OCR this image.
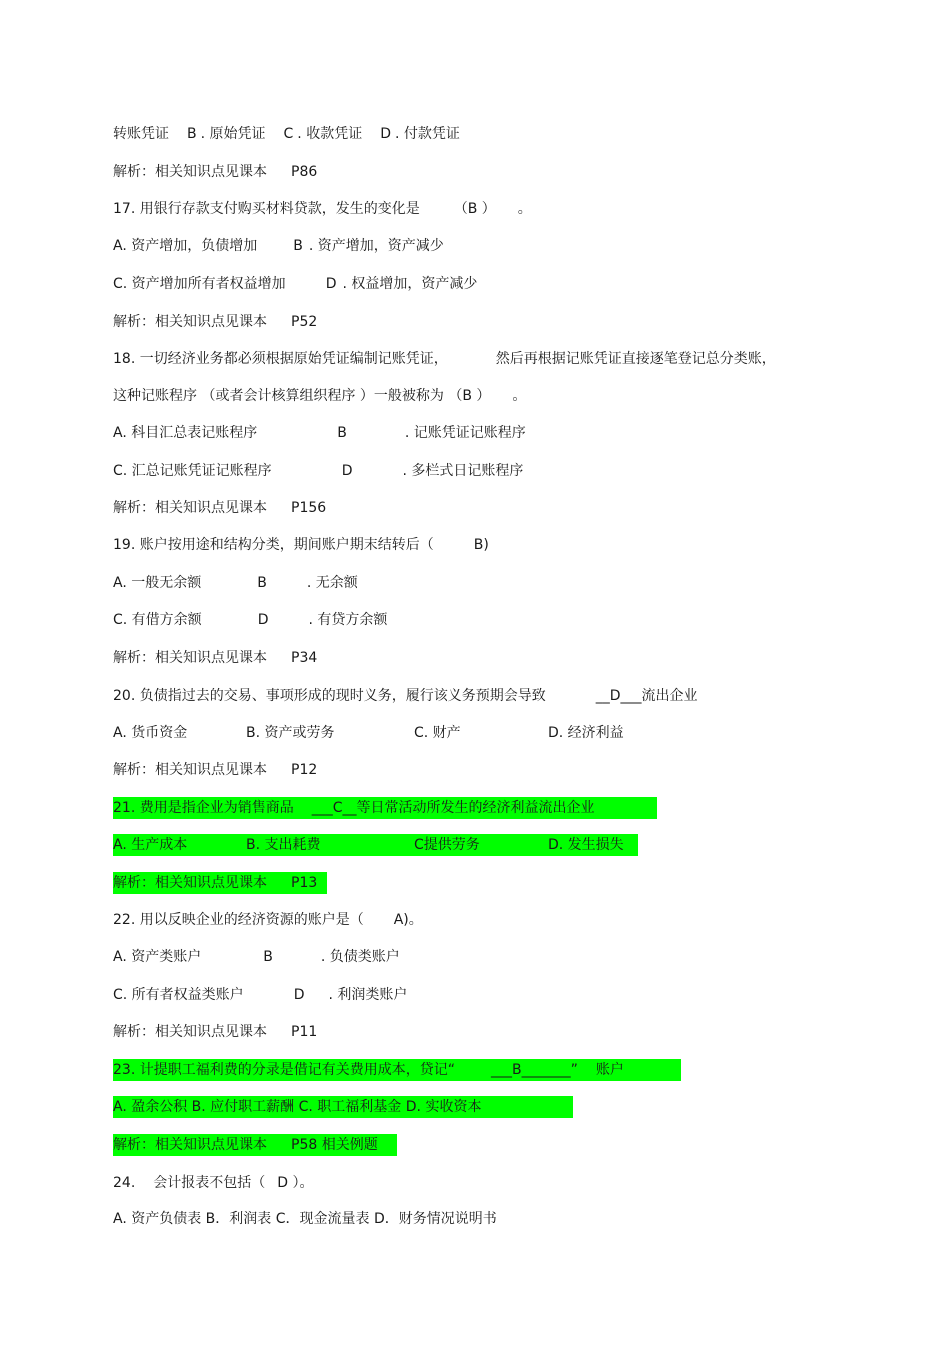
转账凭证 B . 原始凭证 C . 收款凭证 D . 付款凭证
解析：相关知识点见课本 P86
17. 用银行存款支付购买材料贷款，发生的变化是 （B ） 。
A. 资产增加，负债增加	B . 资产增加，资产减少
C. 资产增加所有者权益增加	D . 权益增加，资产减少
解析：相关知识点见课本 P52
18. 一切经济业务都必须根据原始凭证编制记账凭证，	然后再根据记账凭证直接逐笔登记总分类账，
这种记账程序 （或者会计核算组织程序 ）一般被称为 （B ） 。
A. 科目汇总表记账程序	B	. 记账凭证记账程序
C. 汇总记账凭证记账程序	D	. 多栏式日记账程序
解析：相关知识点见课本 P156
19. 账户按用途和结构分类，期间账户期末结转后（	B)
A. 一般无余额	B	. 无余额
C. 有借方余额	D	. 有贷方余额
解析：相关知识点见课本 P34
20. 负债指过去的交易、事项形成的现时义务，履行该义务预期会导致	__D___流出企业
A. 货币资金	B. 资产或劳务	C. 财产	D. 经济利益
解析：相关知识点见课本 P12
21. 费用是指企业为销售商品 ___C__等日常活动所发生的经济利益流出企业
A. 生产成本	B. 支出耗费	C提供劳务	D. 发生损失
解析：相关知识点见课本 P13
22. 用以反映企业的经济资源的账户是（ A)。
A. 资产类账户	B	. 负债类账户
C. 所有者权益类账户	D . 利润类账户
解析：相关知识点见课本 P11
23. 计提职工福利费的分录是借记有关费用成本，贷记“	___B_______” 账户
A. 盈余公积 B. 应付职工薪酬 C. 职工福利基金 D. 实收资本
解析：相关知识点见课本 P58 相关例题
24. 会计报表不包括（ D ）。
A. 资产负债表 B．利润表 C．现金流量表 D．财务情况说明书
